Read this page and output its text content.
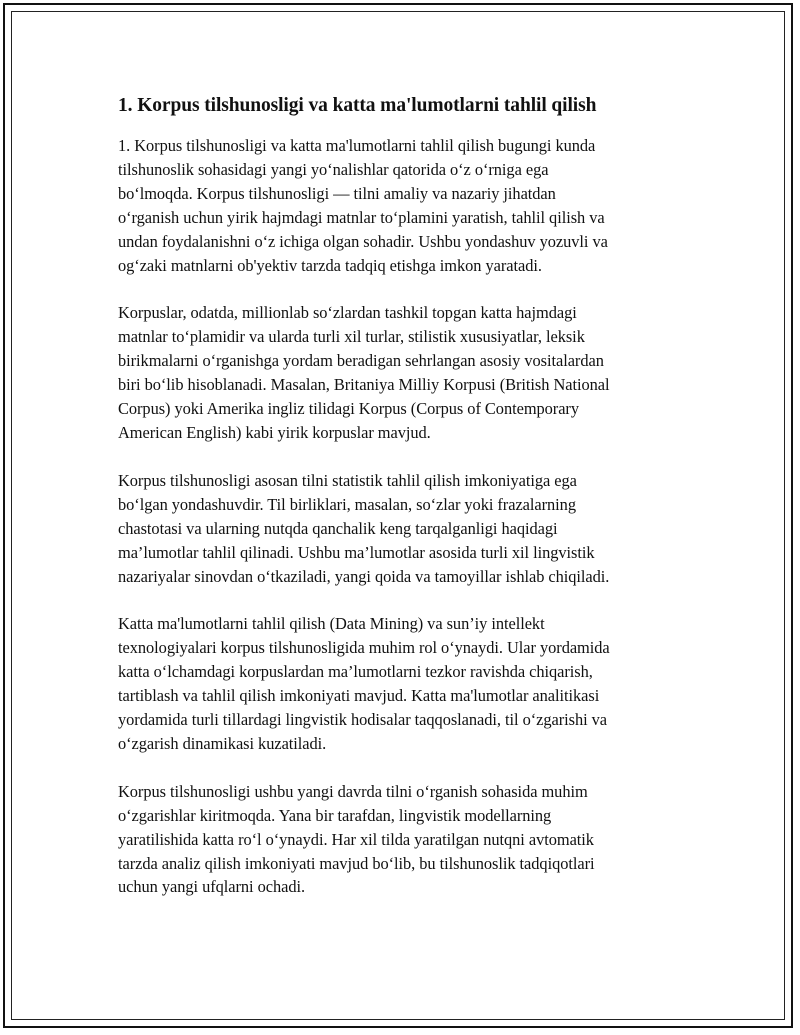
1. Korpus tilshunosligi va katta ma'lumotlarni tahlil qilish

1. Korpus tilshunosligi va katta ma'lumotlarni tahlil qilish bugungi kunda
tilshunoslik sohasidagi yangi yo‘nalishlar qatorida o‘z o‘rniga ega
bo‘lmoqda. Korpus tilshunosligi — tilni amaliy va nazariy jihatdan
o‘rganish uchun yirik hajmdagi matnlar to‘plamini yaratish, tahlil qilish va
undan foydalanishni o‘z ichiga olgan sohadir. Ushbu yondashuv yozuvli va
og‘zaki matnlarni ob'yektiv tarzda tadqiq etishga imkon yaratadi.

Korpuslar, odatda, millionlab so‘zlardan tashkil topgan katta hajmdagi
matnlar to‘plamidir va ularda turli xil turlar, stilistik xususiyatlar, leksik
birikmalarni o‘rganishga yordam beradigan sehrlangan asosiy vositalardan
biri bo‘lib hisoblanadi. Masalan, Britaniya Milliy Korpusi (British National
Corpus) yoki Amerika ingliz tilidagi Korpus (Corpus of Contemporary
American English) kabi yirik korpuslar mavjud.

Korpus tilshunosligi asosan tilni statistik tahlil qilish imkoniyatiga ega
bo‘lgan yondashuvdir. Til birliklari, masalan, so‘zlar yoki frazalarning
chastotasi va ularning nutqda qanchalik keng tarqalganligi haqidagi
ma’lumotlar tahlil qilinadi. Ushbu ma’lumotlar asosida turli xil lingvistik
nazariyalar sinovdan o‘tkaziladi, yangi qoida va tamoyillar ishlab chiqiladi.

Katta ma'lumotlarni tahlil qilish (Data Mining) va sun’iy intellekt
texnologiyalari korpus tilshunosligida muhim rol o‘ynaydi. Ular yordamida
katta o‘lchamdagi korpuslardan ma’lumotlarni tezkor ravishda chiqarish,
tartiblash va tahlil qilish imkoniyati mavjud. Katta ma'lumotlar analitikasi
yordamida turli tillardagi lingvistik hodisalar taqqoslanadi, til o‘zgarishi va
o‘zgarish dinamikasi kuzatiladi.

Korpus tilshunosligi ushbu yangi davrda tilni o‘rganish sohasida muhim
o‘zgarishlar kiritmoqda. Yana bir tarafdan, lingvistik modellarning
yaratilishida katta ro‘l o‘ynaydi. Har xil tilda yaratilgan nutqni avtomatik
tarzda analiz qilish imkoniyati mavjud bo‘lib, bu tilshunoslik tadqiqotlari
uchun yangi ufqlarni ochadi.
